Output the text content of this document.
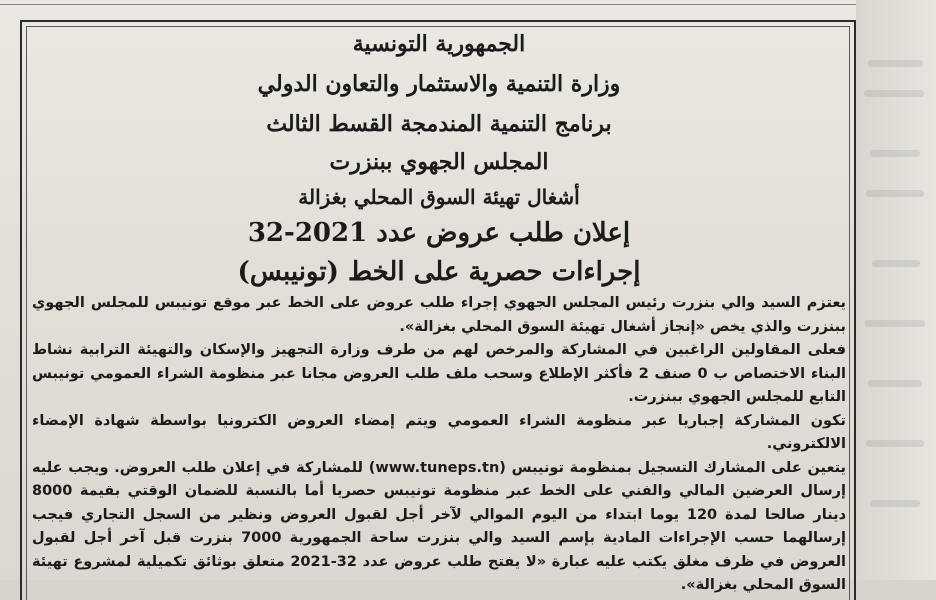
الجمهورية التونسية
وزارة التنمية والاستثمار والتعاون الدولي
برنامج التنمية المندمجة القسط الثالث
المجلس الجهوي ببنزرت
أشغال تهيئة السوق المحلي بغزالة
إعلان طلب عروض عدد 2021-32
إجراءات حصرية على الخط (تونيبس)

يعتزم السيد والي بنزرت رئيس المجلس الجهوي إجراء طلب عروض على الخط عبر موقع تونيبس للمجلس الجهوي ببنزرت والذي يخص «إنجاز أشغال تهيئة السوق المحلي بغزالة».

فعلى المقاولين الراغبين في المشاركة والمرخص لهم من طرف وزارة التجهيز والإسكان والتهيئة الترابية نشاط البناء الاختصاص ب 0 صنف 2 فأكثر الإطلاع وسحب ملف طلب العروض مجانا عبر منظومة الشراء العمومي تونيبس التابع للمجلس الجهوي ببنزرت.

تكون المشاركة إجباريا عبر منظومة الشراء العمومي ويتم إمضاء العروض الكترونيا بواسطة شهادة الإمضاء الالكتروني.

يتعين على المشارك التسجيل بمنظومة تونيبس (www.tuneps.tn) للمشاركة في إعلان طلب العروض. ويجب عليه إرسال العرضين المالي والفني على الخط عبر منظومة تونيبس حصريا أما بالنسبة للضمان الوقتي بقيمة 8000 دينار صالحا لمدة 120 يوما ابتداء من اليوم الموالي لآخر أجل لقبول العروض ونظير من السجل التجاري فيجب إرسالهما حسب الإجراءات المادية بإسم السيد والي بنزرت ساحة الجمهورية 7000 بنزرت قبل آخر أجل لقبول العروض في ظرف مغلق يكتب عليه عبارة «لا يفتح طلب عروض عدد 32-2021 متعلق بوثائق تكميلية لمشروع تهيئة السوق المحلي بغزالة».
